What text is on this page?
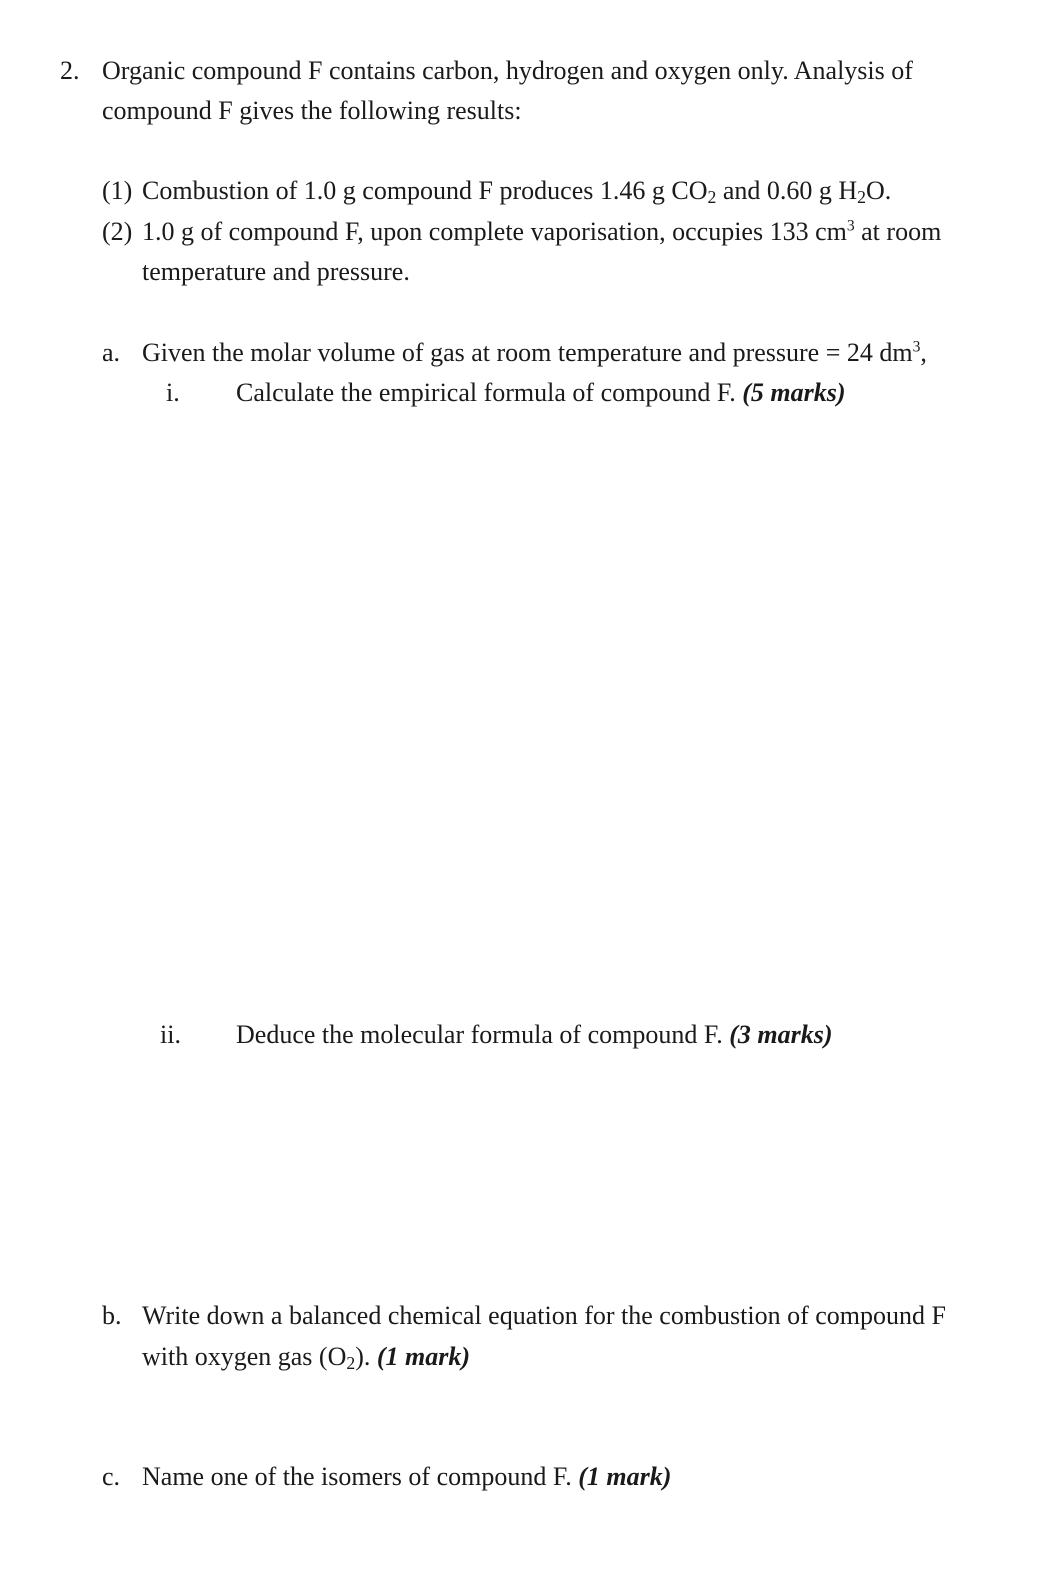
2. Organic compound F contains carbon, hydrogen and oxygen only. Analysis of
compound F gives the following results:
(1) Combustion of 1.0 g compound F produces 1.46 g $CO_2$ and 0.60 g $H_2O$.
(2) 1.0 g of compound F, upon complete vaporisation, occupies 133 $cm^3$ at room
temperature and pressure.
a. Given the molar volume of gas at room temperature and pressure = 24 $dm^3$,
i. Calculate the empirical formula of compound F. (5 marks)
ii. Deduce the molecular formula of compound F. (3 marks)
b. Write down a balanced chemical equation for the combustion of compound F
with oxygen gas $(O_2)$. (1 mark)
c. Name one of the isomers of compound F. (1 mark)
